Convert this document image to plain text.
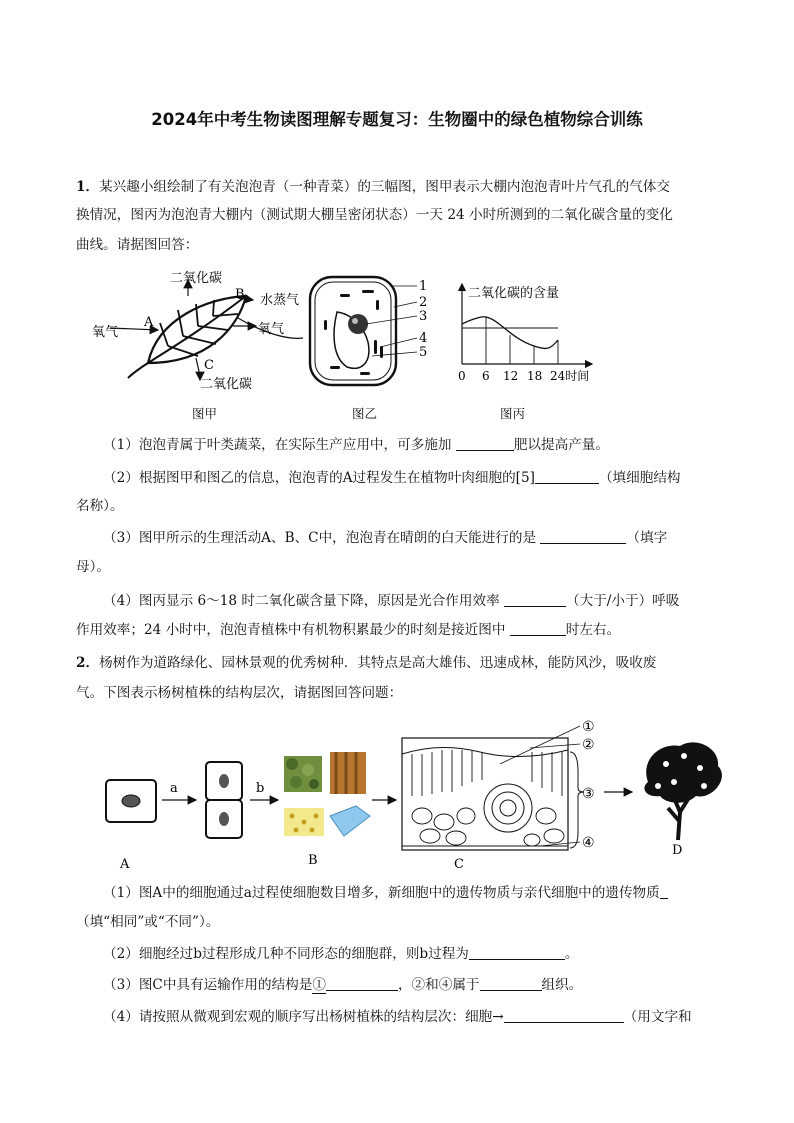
2024年中考生物读图理解专题复习：生物圈中的绿色植物综合训练

1．某兴趣小组绘制了有关泡泡青（一种青菜）的三幅图，图甲表示大棚内泡泡青叶片气孔的气体交

换情况，图丙为泡泡青大棚内（测试期大棚呈密闭状态）一天 24 小时所测到的二氧化碳含量的变化

曲线。请据图回答：

二氧化碳
水蒸气
氧气	氧气
二氧化碳
A
B
C
图甲
1
2
3
4
5
图乙
二氧化碳的含量
0 6 12 18 24时间
图丙

（1）泡泡青属于叶类蔬菜，在实际生产应用中，可多施加	肥以提高产量。

（2）根据图甲和图乙的信息，泡泡青的A过程发生在植物叶肉细胞的[5]	（填细胞结构

名称）。

（3）图甲所示的生理活动A、B、C中，泡泡青在晴朗的白天能进行的是	（填字

母）。

（4）图丙显示 6～18 时二氧化碳含量下降，原因是光合作用效率	（大于/小于）呼吸

作用效率；24 小时中，泡泡青植株中有机物积累最少的时刻是接近图中	时左右。

2．杨树作为道路绿化、园林景观的优秀树种．其特点是高大雄伟、迅速成林，能防风沙，吸收废

气。下图表示杨树植株的结构层次，请据图回答问题：

a	b
①
②
③
④
A	B	C
D

（1）图A中的细胞通过a过程使细胞数目增多，新细胞中的遗传物质与亲代细胞中的遗传物质

（填“相同”或“不同”）。

（2）细胞经过b过程形成几种不同形态的细胞群，则b过程为	。

（3）图C中具有运输作用的结构是①	，②和④属于	组织。

（4）请按照从微观到宏观的顺序写出杨树植株的结构层次：细胞→	（用文字和
